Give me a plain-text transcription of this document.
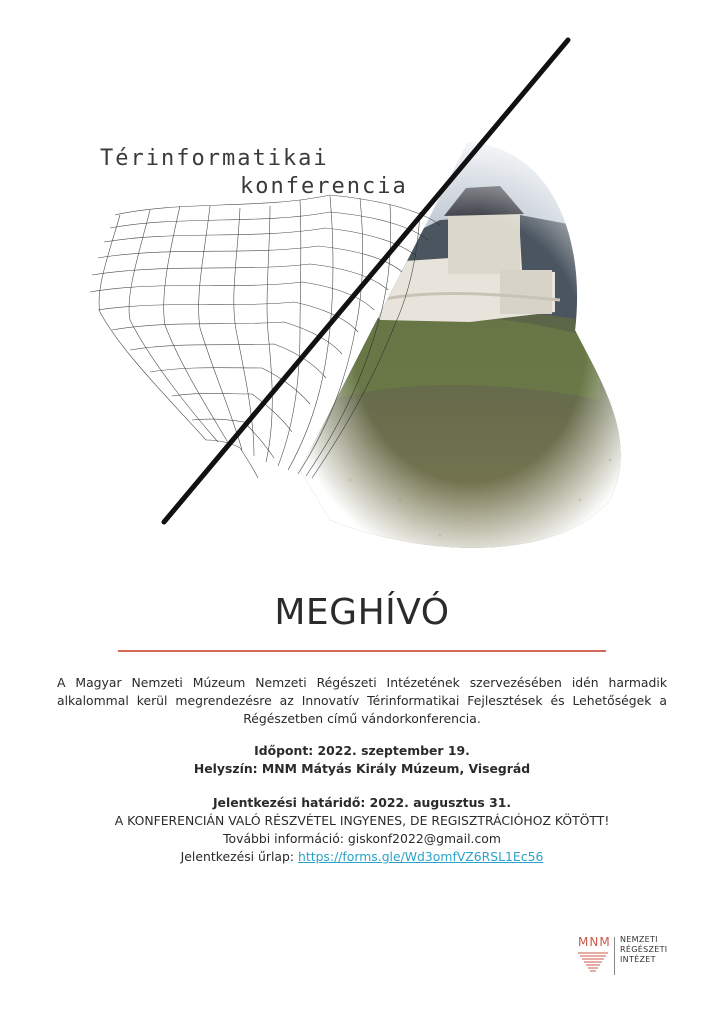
Térinformatikai
konferencia
MEGHÍVÓ
A Magyar Nemzeti Múzeum Nemzeti Régészeti Intézetének szervezésében idén harmadik alkalommal kerül megrendezésre az Innovatív Térinformatikai Fejlesztések és Lehetőségek a Régészetben című vándorkonferencia.
Időpont: 2022. szeptember 19.
Helyszín: MNM Mátyás Király Múzeum, Visegrád
Jelentkezési határidő: 2022. augusztus 31.
A KONFERENCIÁN VALÓ RÉSZVÉTEL INGYENES, DE REGISZTRÁCIÓHOZ KÖTÖTT!
További információ: giskonf2022@gmail.com
Jelentkezési űrlap: https://forms.gle/Wd3omfVZ6RSL1Ec56
MNM NEMZETI
RÉGÉSZETI
INTÉZET
